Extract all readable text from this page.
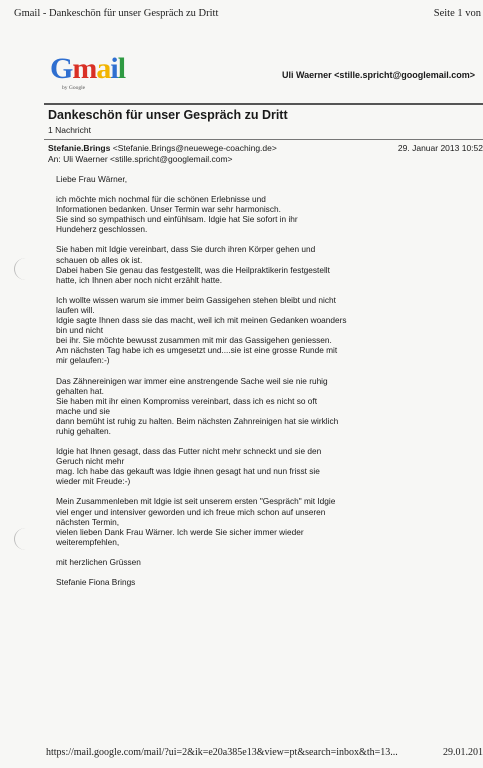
Gmail - Dankeschön für unser Gespräch zu Dritt	Seite 1 von
Gmail
by Google
Uli Waerner <stille.spricht@googlemail.com>
Dankeschön für unser Gespräch zu Dritt
1 Nachricht
Stefanie.Brings <Stefanie.Brings@neuewege-coaching.de>	29. Januar 2013 10:52
An: Uli Waerner <stille.spricht@googlemail.com>
Liebe Frau Wärner,
ich möchte mich nochmal für die schönen Erlebnisse und
Informationen bedanken. Unser Termin war sehr harmonisch.
Sie sind so sympathisch und einfühlsam. Idgie hat Sie sofort in ihr
Hundeherz geschlossen.
Sie haben mit Idgie vereinbart, dass Sie durch ihren Körper gehen und
schauen ob alles ok ist.
Dabei haben Sie genau das festgestellt, was die Heilpraktikerin festgestellt
hatte, ich Ihnen aber noch nicht erzählt hatte.
Ich wollte wissen warum sie immer beim Gassigehen stehen bleibt und nicht
laufen will.
Idgie sagte Ihnen dass sie das macht, weil ich mit meinen Gedanken woanders
bin und nicht
bei ihr. Sie möchte bewusst zusammen mit mir das Gassigehen geniessen.
Am nächsten Tag habe ich es umgesetzt und....sie ist eine grosse Runde mit
mir gelaufen:-)
Das Zähnereinigen war immer eine anstrengende Sache weil sie nie ruhig
gehalten hat.
Sie haben mit ihr einen Kompromiss vereinbart, dass ich es nicht so oft
mache und sie
dann bemüht ist ruhig zu halten. Beim nächsten Zahnreinigen hat sie wirklich
ruhig gehalten.
Idgie hat Ihnen gesagt, dass das Futter nicht mehr schneckt und sie den
Geruch nicht mehr
mag. Ich habe das gekauft was Idgie ihnen gesagt hat und nun frisst sie
wieder mit Freude:-)
Mein Zusammenleben mit Idgie ist seit unserem ersten "Gespräch" mit Idgie
viel enger und intensiver geworden und ich freue mich schon auf unseren
nächsten Termin,
vielen lieben Dank Frau Wärner. Ich werde Sie sicher immer wieder
weiterempfehlen,
mit herzlichen Grüssen
Stefanie Fiona Brings
https://mail.google.com/mail/?ui=2&ik=e20a385e13&view=pt&search=inbox&th=13...	29.01.201
